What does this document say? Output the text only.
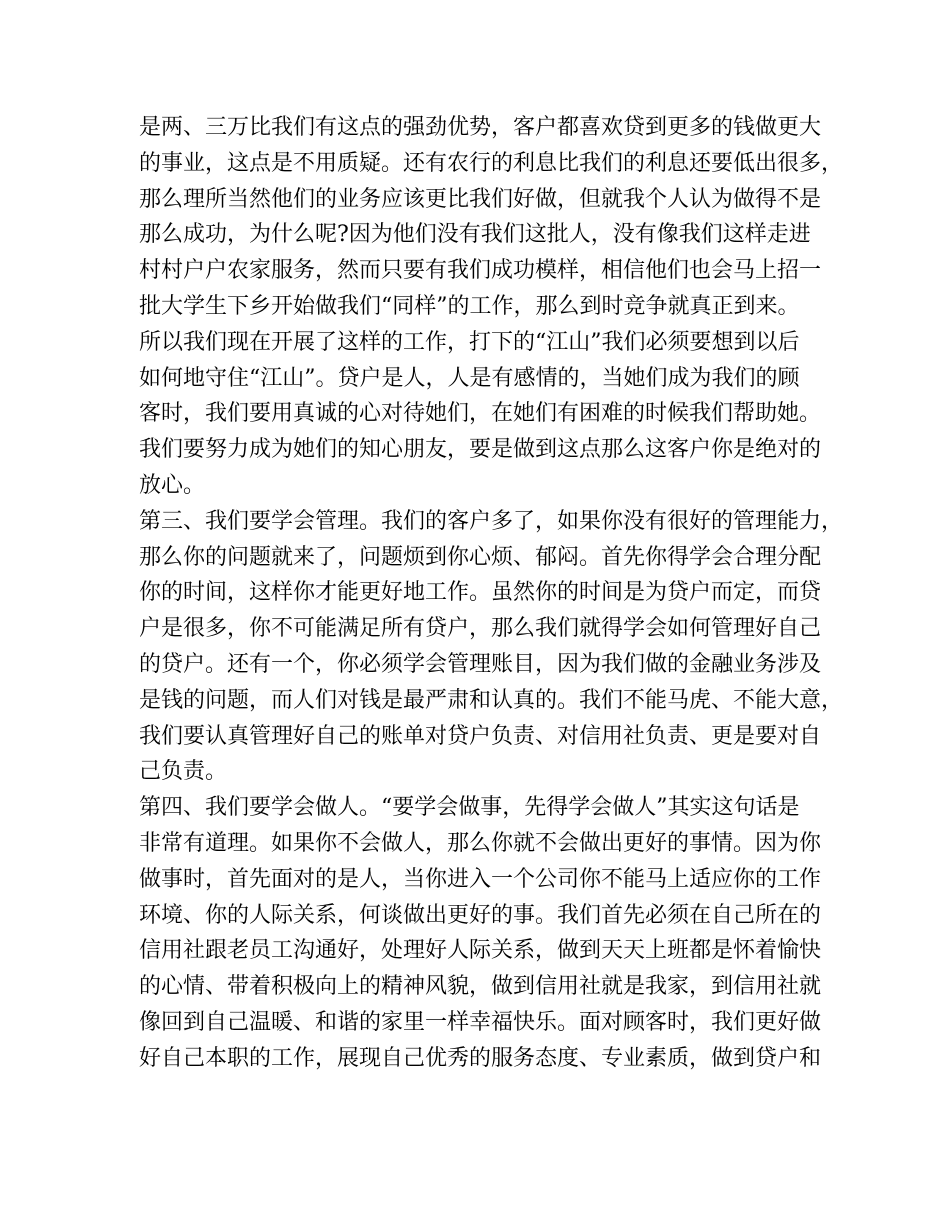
是两、三万比我们有这点的强劲优势，客户都喜欢贷到更多的钱做更大
的事业，这点是不用质疑。还有农行的利息比我们的利息还要低出很多，
那么理所当然他们的业务应该更比我们好做，但就我个人认为做得不是
那么成功，为什么呢?因为他们没有我们这批人，没有像我们这样走进
村村户户农家服务，然而只要有我们成功模样，相信他们也会马上招一
批大学生下乡开始做我们“同样”的工作，那么到时竞争就真正到来。
所以我们现在开展了这样的工作，打下的“江山”我们必须要想到以后
如何地守住“江山”。贷户是人，人是有感情的，当她们成为我们的顾
客时，我们要用真诚的心对待她们，在她们有困难的时候我们帮助她。
我们要努力成为她们的知心朋友，要是做到这点那么这客户你是绝对的
放心。
第三、我们要学会管理。我们的客户多了，如果你没有很好的管理能力，
那么你的问题就来了，问题烦到你心烦、郁闷。首先你得学会合理分配
你的时间，这样你才能更好地工作。虽然你的时间是为贷户而定，而贷
户是很多，你不可能满足所有贷户，那么我们就得学会如何管理好自己
的贷户。还有一个，你必须学会管理账目，因为我们做的金融业务涉及
是钱的问题，而人们对钱是最严肃和认真的。我们不能马虎、不能大意，
我们要认真管理好自己的账单对贷户负责、对信用社负责、更是要对自
己负责。
第四、我们要学会做人。“要学会做事，先得学会做人”其实这句话是
非常有道理。如果你不会做人，那么你就不会做出更好的事情。因为你
做事时，首先面对的是人，当你进入一个公司你不能马上适应你的工作
环境、你的人际关系，何谈做出更好的事。我们首先必须在自己所在的
信用社跟老员工沟通好，处理好人际关系，做到天天上班都是怀着愉快
的心情、带着积极向上的精神风貌，做到信用社就是我家，到信用社就
像回到自己温暖、和谐的家里一样幸福快乐。面对顾客时，我们更好做
好自己本职的工作，展现自己优秀的服务态度、专业素质，做到贷户和
